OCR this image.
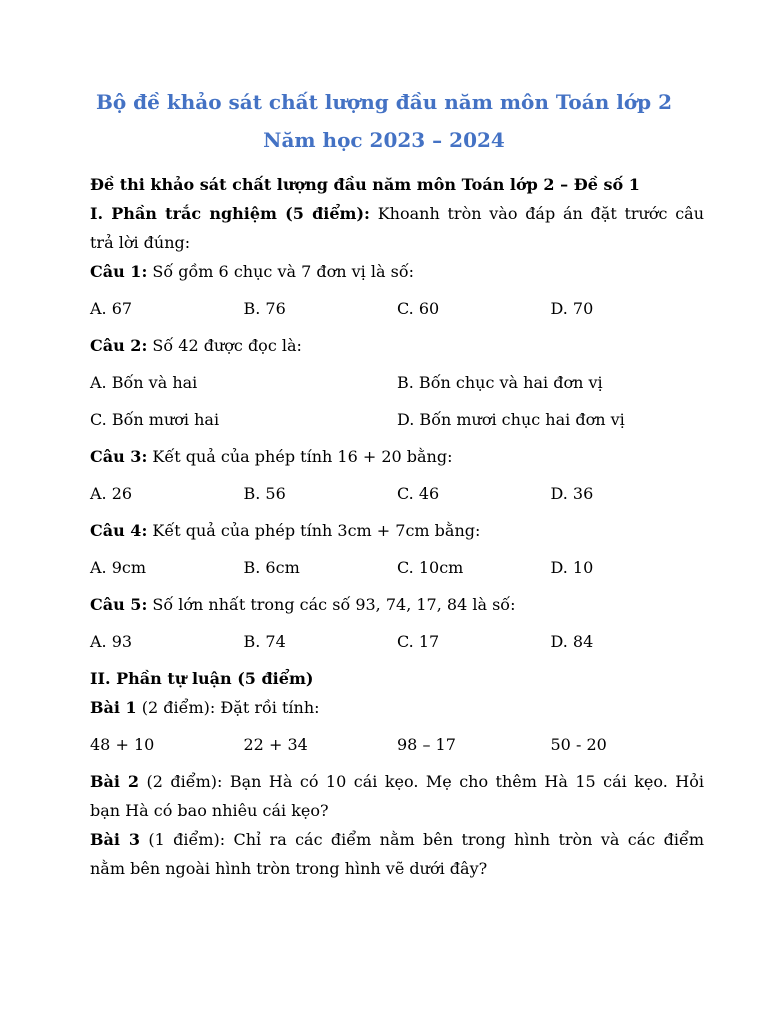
Bộ đề khảo sát chất lượng đầu năm môn Toán lớp 2
Năm học 2023 – 2024
Đề thi khảo sát chất lượng đầu năm môn Toán lớp 2 – Đề số 1
I. Phần trắc nghiệm (5 điểm): Khoanh tròn vào đáp án đặt trước câu
trả lời đúng:
Câu 1: Số gồm 6 chục và 7 đơn vị là số:
A. 67	B. 76	C. 60	D. 70
Câu 2: Số 42 được đọc là:
A. Bốn và hai	B. Bốn chục và hai đơn vị
C. Bốn mươi hai	D. Bốn mươi chục hai đơn vị
Câu 3: Kết quả của phép tính 16 + 20 bằng:
A. 26	B. 56	C. 46	D. 36
Câu 4: Kết quả của phép tính 3cm + 7cm bằng:
A. 9cm	B. 6cm	C. 10cm	D. 10
Câu 5: Số lớn nhất trong các số 93, 74, 17, 84 là số:
A. 93	B. 74	C. 17	D. 84
II. Phần tự luận (5 điểm)
Bài 1 (2 điểm): Đặt rồi tính:
48 + 10	22 + 34	98 – 17	50 - 20
Bài 2 (2 điểm): Bạn Hà có 10 cái kẹo. Mẹ cho thêm Hà 15 cái kẹo. Hỏi
bạn Hà có bao nhiêu cái kẹo?
Bài 3 (1 điểm): Chỉ ra các điểm nằm bên trong hình tròn và các điểm
nằm bên ngoài hình tròn trong hình vẽ dưới đây?
